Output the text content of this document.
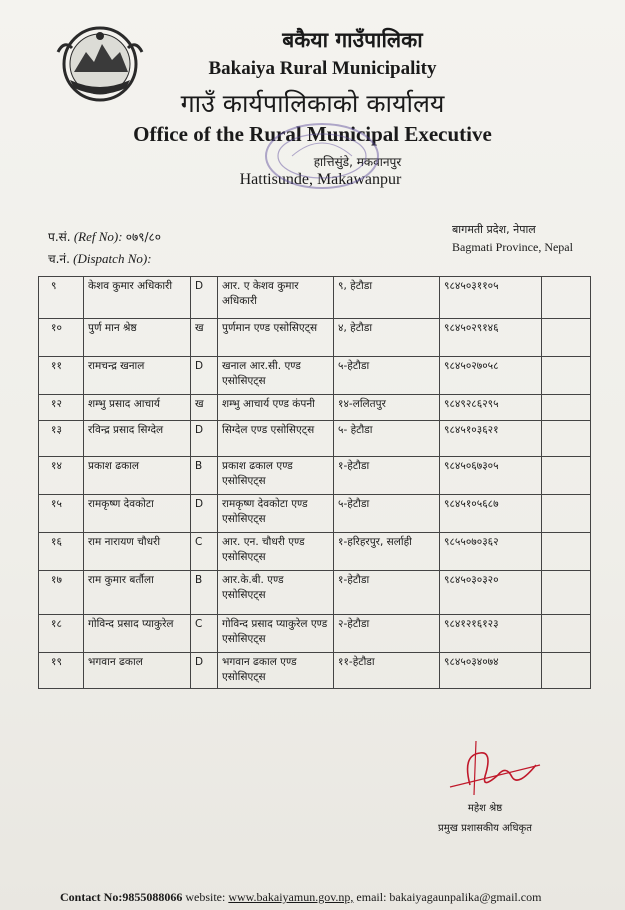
बकैया गाउँपालिका
Bakaiya Rural Municipality
गाउँ कार्यपालिकाको कार्यालय
Office of the Rural Municipal Executive
हात्तिसुंडे, मकवानपुर
Hattisunde, Makawanpur
प.सं. (Ref No): ०७९/८०
च.नं. (Dispatch No):
बागमती प्रदेश, नेपाल
Bagmati Province, Nepal
९	केशव कुमार अधिकारी	D	आर. ए केशव कुमार अधिकारी	९, हेटौडा	९८४५०३११०५	
१०	पुर्ण मान श्रेष्ठ	ख	पुर्णमान एण्ड एसोसिएट्स	४, हेटौडा	९८४५०२९१४६	
११	रामचन्द्र खनाल	D	खनाल आर.सी. एण्ड एसोसिएट्स	५-हेटौडा	९८४५०२७०५८	
१२	शम्भु प्रसाद आचार्य	ख	शम्भु आचार्य एण्ड कंपनी	१४-ललितपुर	९८४९२८६२९५	
१३	रविन्द्र प्रसाद सिग्देल	D	सिग्देल एण्ड एसोसिएट्स	५- हेटौडा	९८४५१०३६२१	
१४	प्रकाश ढकाल	B	प्रकाश ढकाल एण्ड एसोसिएट्स	१-हेटौडा	९८४५०६७३०५	
१५	रामकृष्ण देवकोटा	D	रामकृष्ण देवकोटा एण्ड एसोसिएट्स	५-हेटौडा	९८४५१०५६८७	
१६	राम नारायण चौधरी	C	आर. एन. चौधरी एण्ड एसोसिएट्स	१-हरिहरपुर, सर्लाही	९८५५०७०३६२	
१७	राम कुमार बर्तौला	B	आर.के.बी. एण्ड एसोसिएट्स	१-हेटौडा	९८४५०३०३२०	
१८	गोविन्द प्रसाद प्याकुरेल	C	गोविन्द प्रसाद प्याकुरेल एण्ड एसोसिएट्स	२-हेटौडा	९८४१२१६१२३	
१९	भगवान ढकाल	D	भगवान ढकाल एण्ड एसोसिएट्स	११-हेटौडा	९८४५०३४०७४	
महेश श्रेष्ठ
प्रमुख प्रशासकीय अधिकृत
Contact No:9855088066 website: www.bakaiyamun.gov.np, email: bakaiyagaunpalika@gmail.com
